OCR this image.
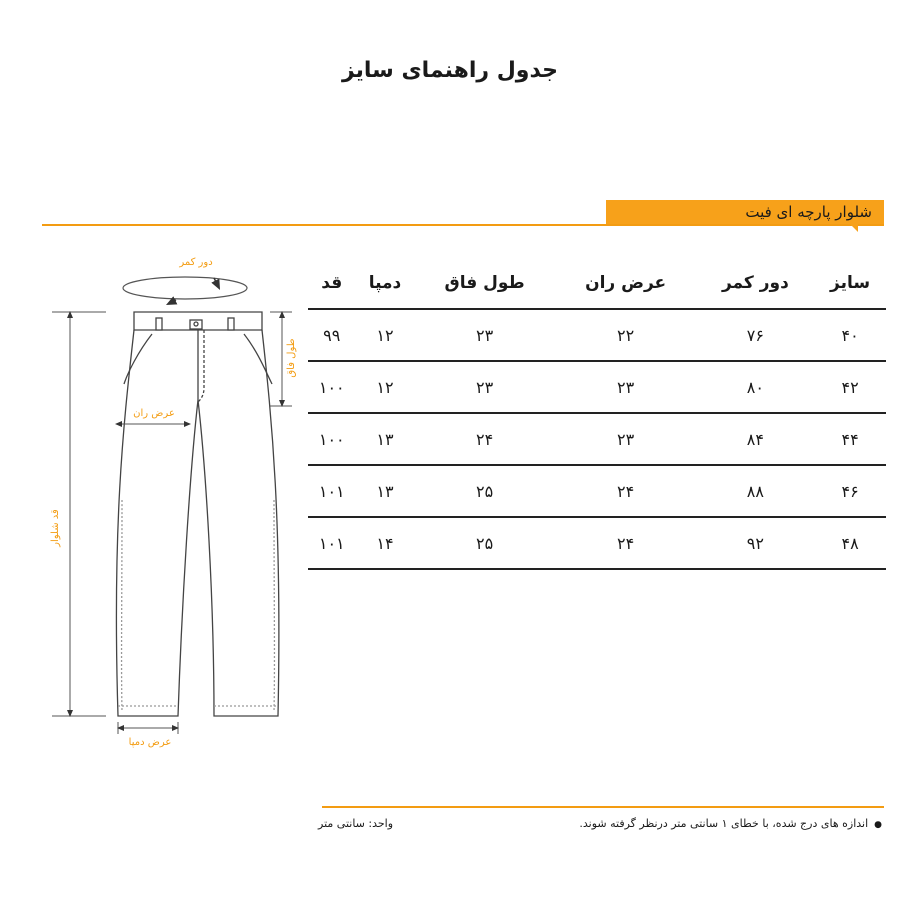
جدول راهنمای سایز
شلوار پارچه ای فیت
دور کمر
طول فاق
عرض ران
قد شلوار
عرض دمپا
سایز	دور کمر	عرض ران	طول فاق	دمپا	قد
۴۰	۷۶	۲۲	۲۳	۱۲	۹۹
۴۲	۸۰	۲۳	۲۳	۱۲	۱۰۰
۴۴	۸۴	۲۳	۲۴	۱۳	۱۰۰
۴۶	۸۸	۲۴	۲۵	۱۳	۱۰۱
۴۸	۹۲	۲۴	۲۵	۱۴	۱۰۱
●اندازه های درج شده، با خطای ۱ سانتی متر درنظر گرفته شوند.
واحد: سانتی متر
